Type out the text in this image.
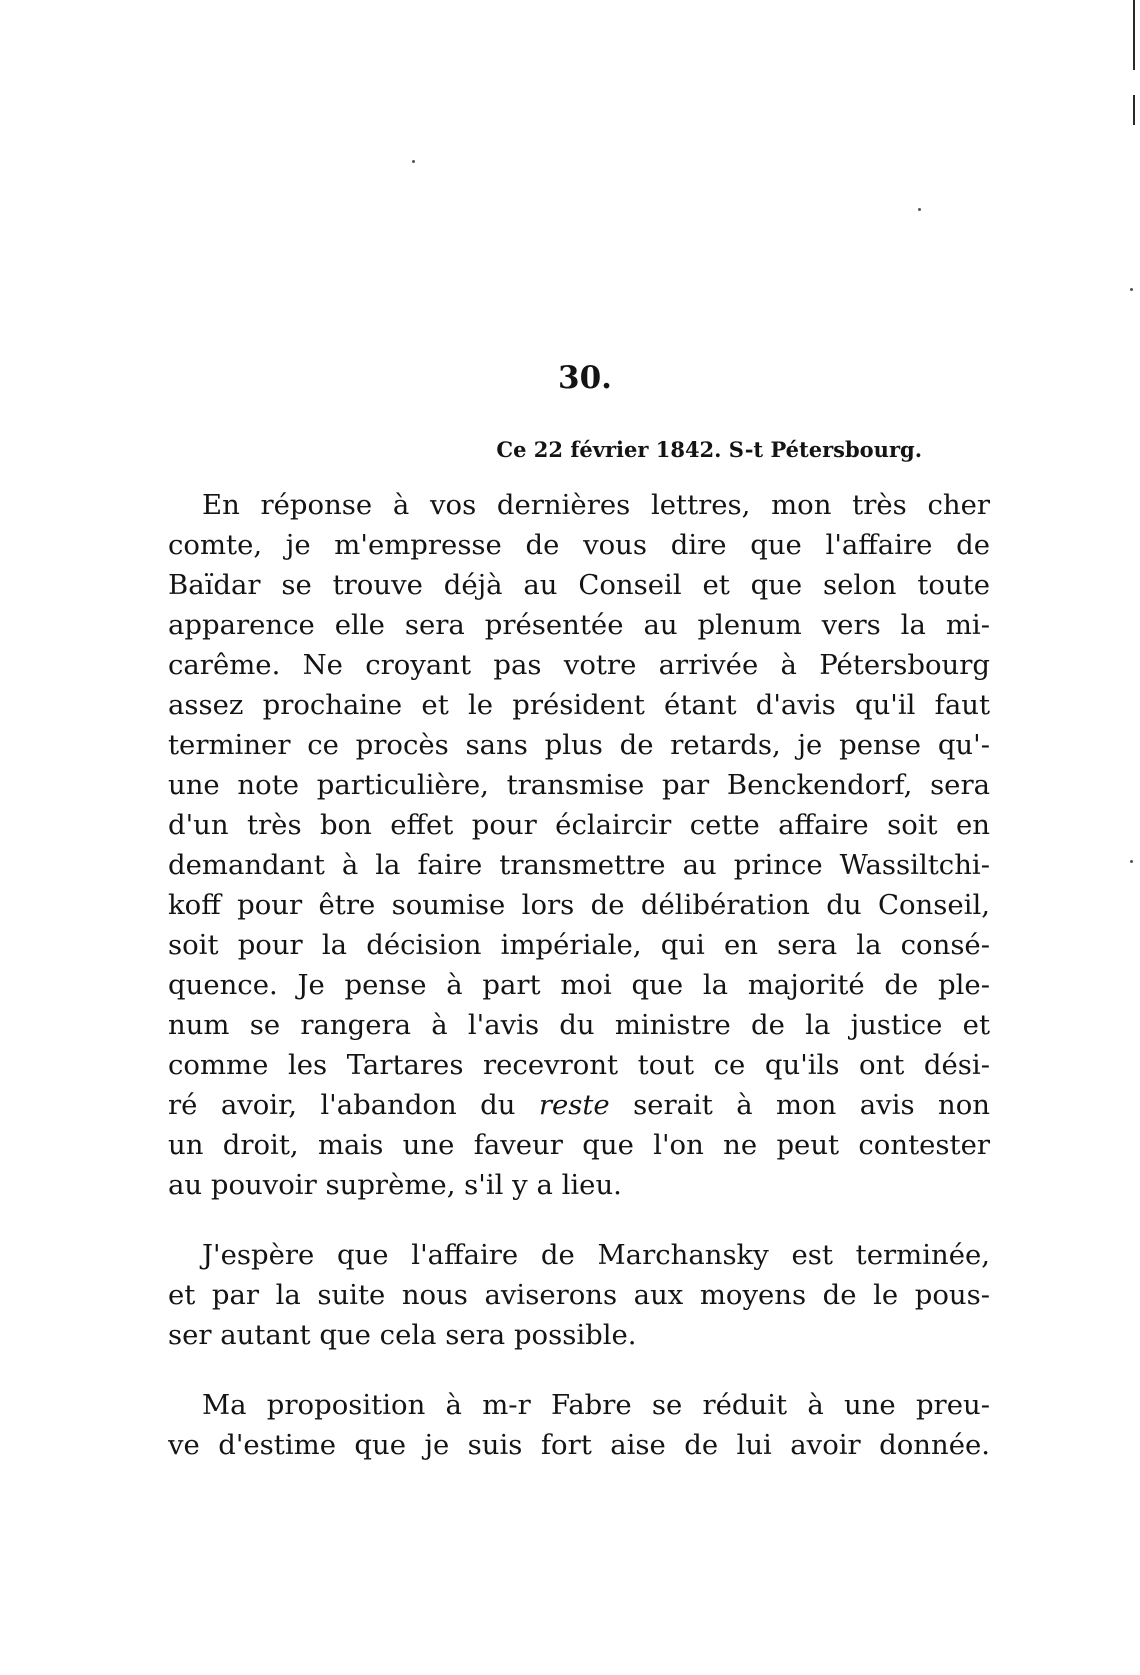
30.

Ce 22 février 1842. S-t Pétersbourg.

En réponse à vos dernières lettres, mon très cher
comte, je m'empresse de vous dire que l'affaire de
Baïdar se trouve déjà au Conseil et que selon toute
apparence elle sera présentée au plenum vers la mi-
carême. Ne croyant pas votre arrivée à Pétersbourg
assez prochaine et le président étant d'avis qu'il faut
terminer ce procès sans plus de retards, je pense qu'-
une note particulière, transmise par Benckendorf, sera
d'un très bon effet pour éclaircir cette affaire soit en
demandant à la faire transmettre au prince Wassiltchi-
koff pour être soumise lors de délibération du Conseil,
soit pour la décision impériale, qui en sera la consé-
quence. Je pense à part moi que la majorité de ple-
num se rangera à l'avis du ministre de la justice et
comme les Tartares recevront tout ce qu'ils ont dési-
ré avoir, l'abandon du reste serait à mon avis non
un droit, mais une faveur que l'on ne peut contester
au pouvoir suprème, s'il y a lieu.
J'espère que l'affaire de Marchansky est terminée,
et par la suite nous aviserons aux moyens de le pous-
ser autant que cela sera possible.
Ma proposition à m-r Fabre se réduit à une preu-
ve d'estime que je suis fort aise de lui avoir donnée.
